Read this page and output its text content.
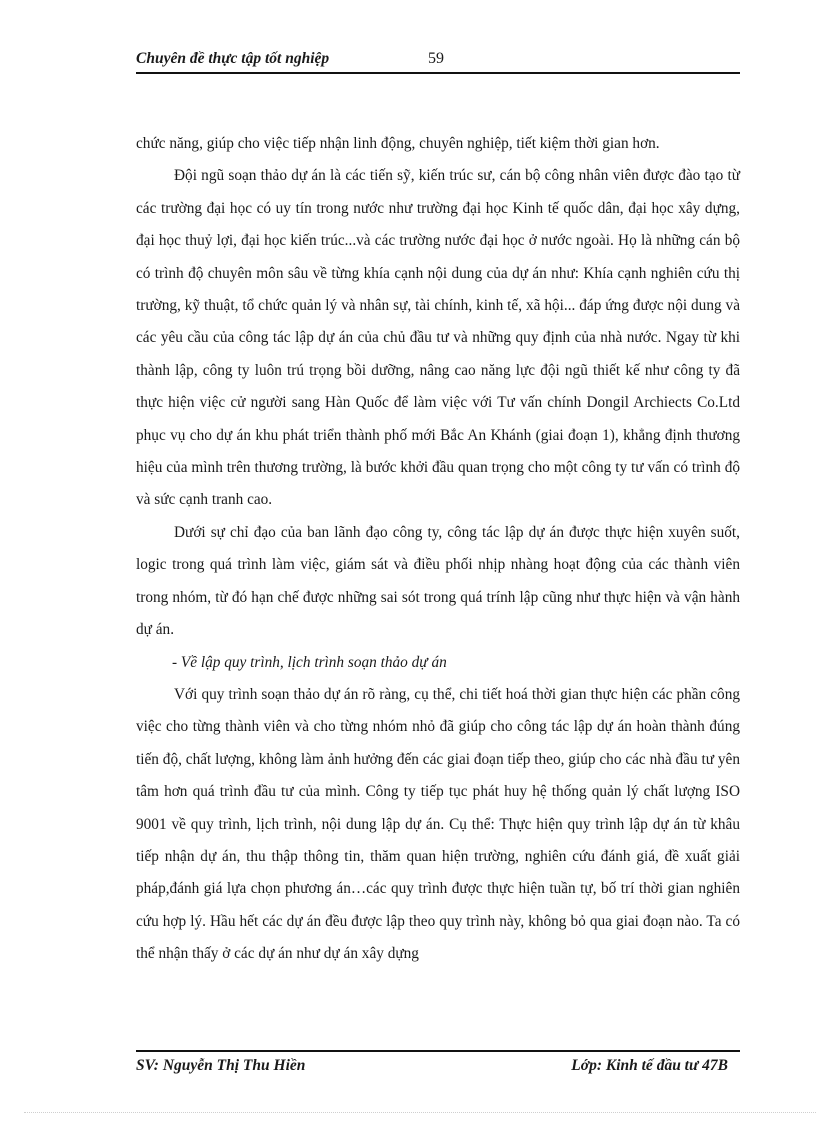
Chuyên đề thực tập tốt nghiệp	59

chức năng, giúp cho việc tiếp nhận linh động, chuyên nghiệp, tiết kiệm thời gian hơn.

Đội ngũ soạn thảo dự án là các tiến sỹ, kiến trúc sư, cán bộ công nhân viên được đào tạo từ các trường đại học có uy tín trong nước như trường đại học Kinh tế quốc dân, đại học xây dựng, đại học thuỷ lợi, đại học kiến trúc...và các trường nước đại học ở nước ngoài. Họ là những cán bộ có trình độ chuyên môn sâu về từng khía cạnh nội dung của dự án như: Khía cạnh nghiên cứu thị trường, kỹ thuật, tổ chức quản lý và nhân sự, tài chính, kinh tế, xã hội... đáp ứng được nội dung và các yêu cầu của công tác lập dự án của chủ đầu tư và những quy định của nhà nước. Ngay từ khi thành lập, công ty luôn trú trọng bồi dưỡng, nâng cao năng lực đội ngũ thiết kế như công ty đã thực hiện việc cử người sang Hàn Quốc để làm việc với Tư vấn chính Dongil Archiects Co.Ltd phục vụ cho dự án khu phát triển thành phố mới Bắc An Khánh (giai đoạn 1), khẳng định thương hiệu của mình trên thương trường, là bước khởi đầu quan trọng cho một công ty tư vấn có trình độ và sức cạnh tranh cao.

Dưới sự chỉ đạo của ban lãnh đạo công ty, công tác lập dự án được thực hiện xuyên suốt, logic trong quá trình làm việc, giám sát và điều phối nhịp nhàng hoạt động của các thành viên trong nhóm, từ đó hạn chế được những sai sót trong quá trính lập cũng như thực hiện và vận hành dự án.

- Về lập quy trình, lịch trình soạn thảo dự án

Với quy trình soạn thảo dự án rõ ràng, cụ thể, chi tiết hoá thời gian thực hiện các phần công việc cho từng thành viên và cho từng nhóm nhỏ đã giúp cho công tác lập dự án hoàn thành đúng tiến độ, chất lượng, không làm ảnh hưởng đến các giai đoạn tiếp theo, giúp cho các nhà đầu tư yên tâm hơn quá trình đầu tư của mình. Công ty tiếp tục phát huy hệ thống quản lý chất lượng ISO 9001 về quy trình, lịch trình, nội dung lập dự án. Cụ thể: Thực hiện quy trình lập dự án từ khâu tiếp nhận dự án, thu thập thông tin, thăm quan hiện trường, nghiên cứu đánh giá, đề xuất giải pháp,đánh giá lựa chọn phương án…các quy trình được thực hiện tuần tự, bố trí thời gian nghiên cứu hợp lý. Hầu hết các dự án đều được lập theo quy trình này, không bỏ qua giai đoạn nào. Ta có thể nhận thấy ở các dự án như dự án xây dựng

SV: Nguyễn Thị Thu Hiền	Lớp: Kinh tế đầu tư 47B
